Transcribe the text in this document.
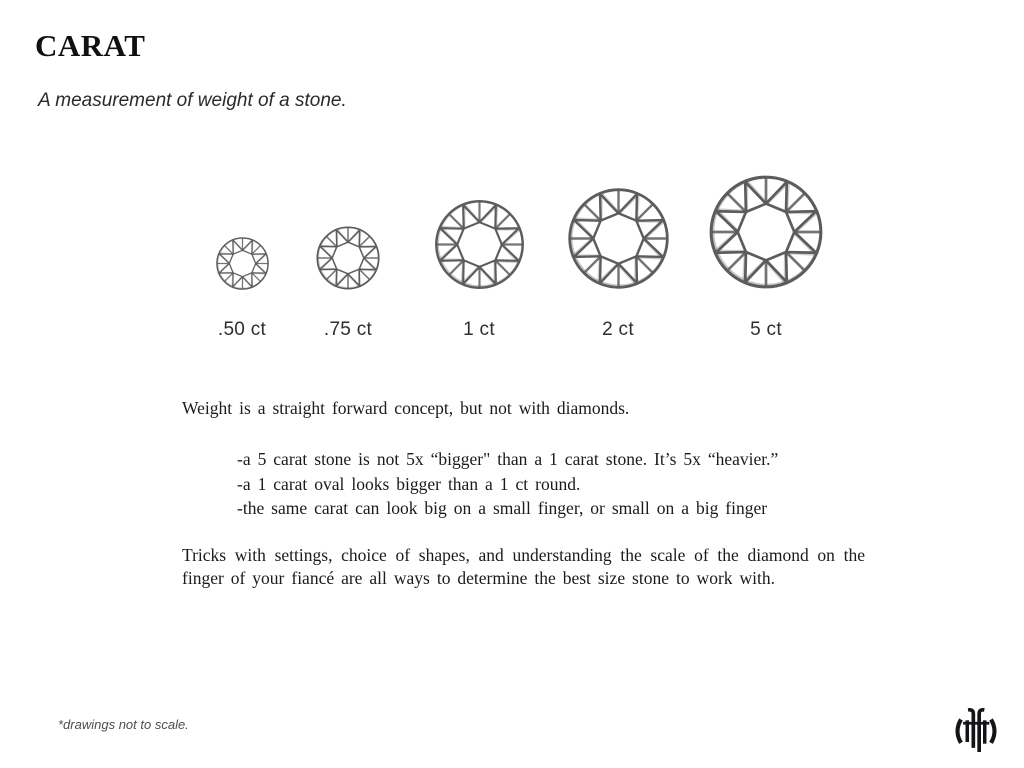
CARAT
A measurement of weight of a stone.
.50 ct	.75 ct	1 ct	2 ct	5 ct
Weight is a straight forward concept, but not with diamonds.
-a 5 carat stone is not 5x “bigger" than a 1 carat stone. It’s 5x “heavier.”
-a 1 carat oval looks bigger than a 1 ct round.
-the same carat can look big on a small finger, or small on a big finger
Tricks with settings, choice of shapes, and understanding the scale of the diamond on the finger of your fiancé are all ways to determine the best size stone to work with.
*drawings not to scale.
